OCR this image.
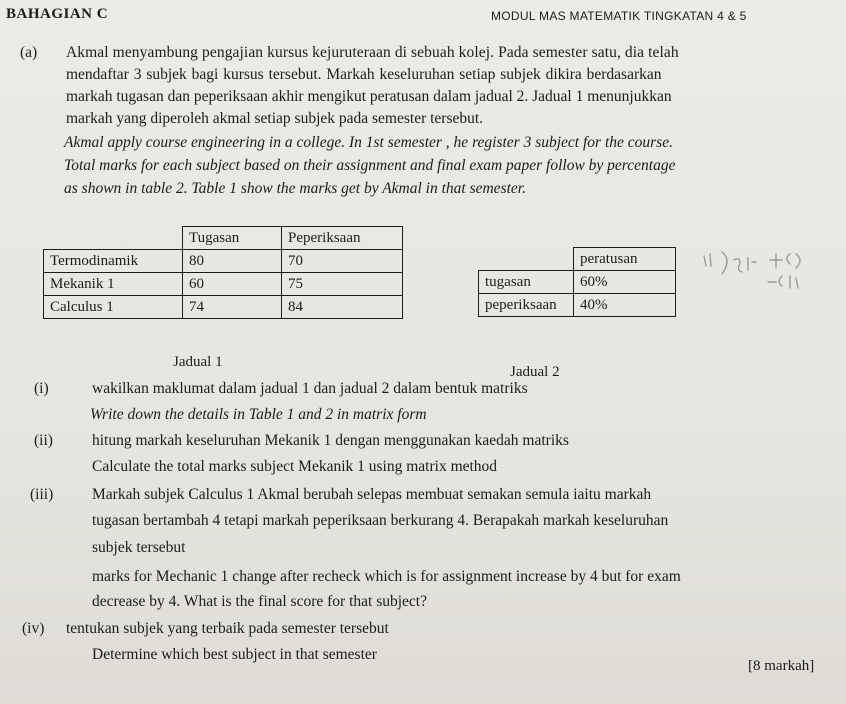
BAHAGIAN C	MODUL MAS MATEMATIK TINGKATAN 4 & 5
(a) Akmal menyambung pengajian kursus kejuruteraan di sebuah kolej. Pada semester satu, dia telah
mendaftar 3 subjek bagi kursus tersebut. Markah keseluruhan setiap subjek dikira berdasarkan
markah tugasan dan peperiksaan akhir mengikut peratusan dalam jadual 2. Jadual 1 menunjukkan
markah yang diperoleh akmal setiap subjek pada semester tersebut.
Akmal apply course engineering in a college. In 1st semester , he register 3 subject for the course.
Total marks for each subject based on their assignment and final exam paper follow by percentage
as shown in table 2. Table 1 show the marks get by Akmal in that semester.
	Tugasan	Peperiksaan
Termodinamik	80	70
Mekanik 1	60	75
Calculus 1	74	84
	peratusan
tugasan	60%
peperiksaan	40%
Jadual 1
Jadual 2
(i)	wakilkan maklumat dalam jadual 1 dan jadual 2 dalam bentuk matriks
Write down the details in Table 1 and 2 in matrix form
(ii)	hitung markah keseluruhan Mekanik 1 dengan menggunakan kaedah matriks
Calculate the total marks subject Mekanik 1 using matrix method
(iii)	Markah subjek Calculus 1 Akmal berubah selepas membuat semakan semula iaitu markah
tugasan bertambah 4 tetapi markah peperiksaan berkurang 4. Berapakah markah keseluruhan
subjek tersebut
marks for Mechanic 1 change after recheck which is for assignment increase by 4 but for exam
decrease by 4. What is the final score for that subject?
(iv) tentukan subjek yang terbaik pada semester tersebut
Determine which best subject in that semester
[8 markah]
